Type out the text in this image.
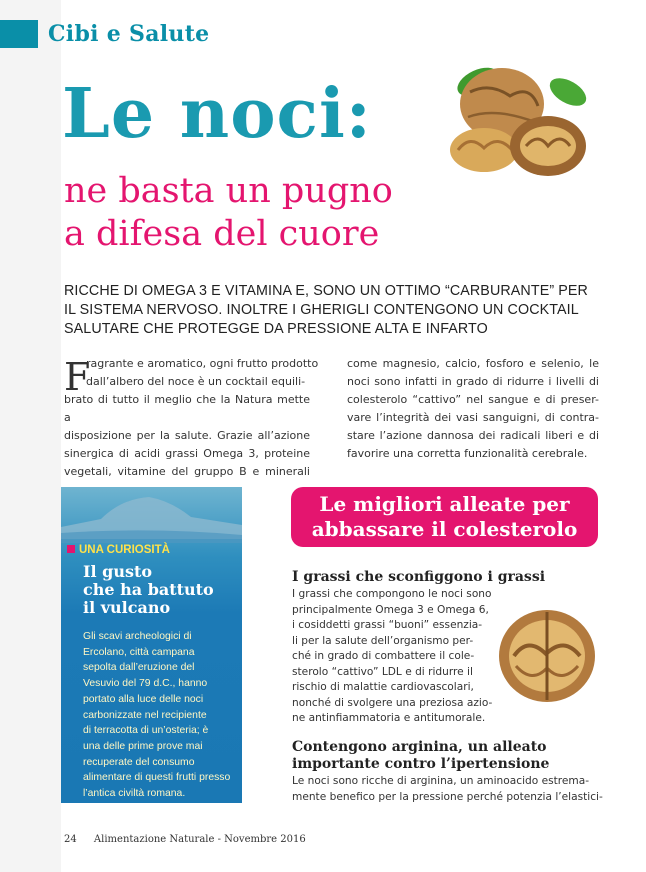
Cibi e Salute
Le noci:
ne basta un pugno
a difesa del cuore
RICCHE DI OMEGA 3 E VITAMINA E, SONO UN OTTIMO “CARBURANTE” PER
IL SISTEMA NERVOSO. INOLTRE I GHERIGLI CONTENGONO UN COCKTAIL
SALUTARE CHE PROTEGGE DA PRESSIONE ALTA E INFARTO
F
ragrante e aromatico, ogni frutto prodotto
dall’albero del noce è un cocktail equili-
brato di tutto il meglio che la Natura mette a
disposizione per la salute. Grazie all’azione
sinergica di acidi grassi Omega 3, proteine
vegetali, vitamine del gruppo B e minerali
come magnesio, calcio, fosforo e selenio, le
noci sono infatti in grado di ridurre i livelli di
colesterolo “cattivo” nel sangue e di preser-
vare l’integrità dei vasi sanguigni, di contra-
stare l’azione dannosa dei radicali liberi e di
favorire una corretta funzionalità cerebrale.
UNA CURIOSITÀ
Il gusto
che ha battuto
il vulcano
Gli scavi archeologici di
Ercolano, città campana
sepolta dall’eruzione del
Vesuvio del 79 d.C., hanno
portato alla luce delle noci
carbonizzate nel recipiente
di terracotta di un’osteria; è
una delle prime prove mai
recuperate del consumo
alimentare di questi frutti presso
l’antica civiltà romana.
Le migliori alleate per
abbassare il colesterolo
I grassi che sconfiggono i grassi
I grassi che compongono le noci sono
principalmente Omega 3 e Omega 6,
i cosiddetti grassi “buoni” essenzia-
li per la salute dell’organismo per-
ché in grado di combattere il cole-
sterolo “cattivo” LDL e di ridurre il
rischio di malattie cardiovascolari,
nonché di svolgere una preziosa azio-
ne antinfiammatoria e antitumorale.
Contengono arginina, un alleato
importante contro l’ipertensione
Le noci sono ricche di arginina, un aminoacido estrema-
mente benefico per la pressione perché potenzia l’elastici-
24 Alimentazione Naturale - Novembre 2016
